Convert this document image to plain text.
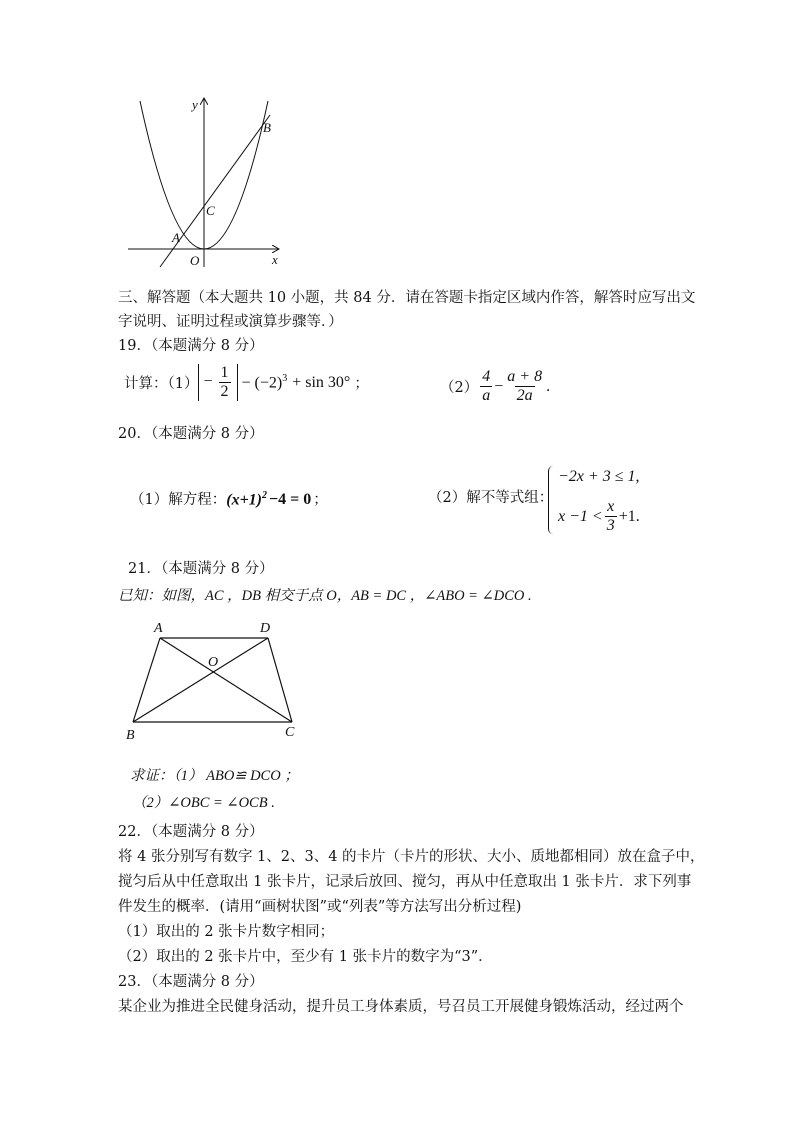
y
B
C
A
O	x
三、解答题（本大题共 10 小题，共 84 分．请在答题卡指定区域内作答，解答时应写出文
字说明、证明过程或演算步骤等．）
19．（本题满分 8 分）
计算：$(1) - \frac{1}{2} - (-2)^3 + \sin 30^\circ$ ；	$(2) \frac{4}{a} - \frac{a + 8}{2a}$ .
20．（本题满分 8 分）
（1）解方程： $(x+1)^2 -4 = 0$ ；	（2）解不等式组：
−2x + 3 ≤ 1,
$x -1 < \frac{x}{3} +1$.
21．（本题满分 8 分）
已知：如图，AC ，DB 相交于点 O，AB = DC ，∠ABO = ∠DCO .
A	D
O
B	C
求证：（1） ABO≌ DCO ；
（2）∠OBC = ∠OCB .
22．（本题满分 8 分）
将 4 张分别写有数字 1、2、3、4 的卡片（卡片的形状、大小、质地都相同）放在盒子中，
搅匀后从中任意取出 1 张卡片，记录后放回、搅匀，再从中任意取出 1 张卡片．求下列事
件发生的概率．(请用“画树状图”或“列表”等方法写出分析过程)
（1）取出的 2 张卡片数字相同；
（2）取出的 2 张卡片中，至少有 1 张卡片的数字为“3”．
23．（本题满分 8 分）
某企业为推进全民健身活动，提升员工身体素质，号召员工开展健身锻炼活动，经过两个
